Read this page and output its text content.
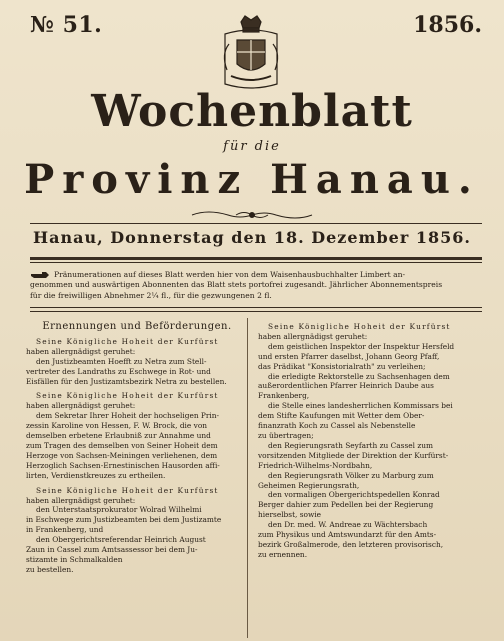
№ 51.	1856.
Wochenblatt
für die
Provinz Hanau.
Hanau, Donnerstag den 18. Dezember 1856.

Pränumerationen auf dieses Blatt werden hier von dem Waisenhausbuchhalter Limbert an-

genommen und auswärtigen Abonnenten das Blatt stets portofrei zugesandt. Jährlicher Abonnementspreis

für die freiwilligen Abnehmer 2¼ fl., für die gezwungenen 2 fl.

Ernennungen und Beförderungen.

Seine Königliche Hoheit der Kurfürst

haben allergnädigst geruhet:

den Justizbeamten Hoefft zu Netra zum Stell-

vertreter des Landraths zu Eschwege in Rot- und

Eisfällen für den Justizamtsbezirk Netra zu bestellen.

Seine Königliche Hoheit der Kurfürst

haben allergnädigst geruhet:

dem Sekretar Ihrer Hoheit der hochseligen Prin-

zessin Karoline von Hessen, F. W. Brock, die von

demselben erbetene Erlaubniß zur Annahme und

zum Tragen des demselben von Seiner Hoheit dem

Herzoge von Sachsen-Meiningen verliehenen, dem

Herzoglich Sachsen-Ernestinischen Hausorden affi-

lirten, Verdienstkreuzes zu ertheilen.

Seine Königliche Hoheit der Kurfürst

haben allergnädigst geruhet:

den Unterstaatsprokurator Wolrad Wilhelmi

in Eschwege zum Justizbeamten bei dem Justizamte

in Frankenberg, und

den Obergerichtsreferendar Heinrich August

Zaun in Cassel zum Amtsassessor bei dem Ju-

stizamte in Schmalkalden

zu bestellen.

Seine Königliche Hoheit der Kurfürst

haben allergnädigst geruhet:

dem geistlichen Inspektor der Inspektur Hersfeld

und ersten Pfarrer daselbst, Johann Georg Pfaff,

das Prädikat "Konsistorialrath" zu verleihen;

die erledigte Rektorstelle zu Sachsenhagen dem

außerordentlichen Pfarrer Heinrich Daube aus

Frankenberg,

die Stelle eines landesherrlichen Kommissars bei

dem Stifte Kaufungen mit Wetter dem Ober-

finanzrath Koch zu Cassel als Nebenstelle

zu übertragen;

den Regierungsrath Seyfarth zu Cassel zum

vorsitzenden Mitgliede der Direktion der Kurfürst-

Friedrich-Wilhelms-Nordbahn,

den Regierungsrath Völker zu Marburg zum

Geheimen Regierungsrath,

den vormaligen Obergerichtspedellen Konrad

Berger dahier zum Pedellen bei der Regierung

hierselbst, sowie

den Dr. med. W. Andreae zu Wächtersbach

zum Physikus und Amtswundarzt für den Amts-

bezirk Großalmerode, den letzteren provisorisch,

zu ernennen.
